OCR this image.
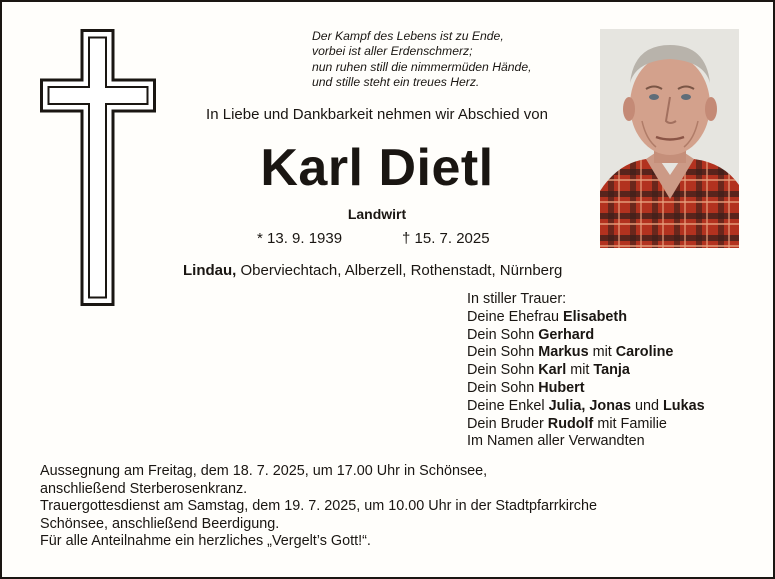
Der Kampf des Lebens ist zu Ende,
vorbei ist aller Erdenschmerz;
nun ruhen still die nimmermüden Hände,
und stille steht ein treues Herz.
In Liebe und Dankbarkeit nehmen wir Abschied von
Karl Dietl
Landwirt
* 13. 9. 1939	† 15. 7. 2025
Lindau, Oberviechtach, Alberzell, Rothenstadt, Nürnberg
In stiller Trauer:
Deine Ehefrau Elisabeth
Dein Sohn Gerhard
Dein Sohn Markus mit Caroline
Dein Sohn Karl mit Tanja
Dein Sohn Hubert
Deine Enkel Julia, Jonas und Lukas
Dein Bruder Rudolf mit Familie
Im Namen aller Verwandten
Aussegnung am Freitag, dem 18. 7. 2025, um 17.00 Uhr in Schönsee,
anschließend Sterberosenkranz.
Trauergottesdienst am Samstag, dem 19. 7. 2025, um 10.00 Uhr in der Stadtpfarrkirche
Schönsee, anschließend Beerdigung.
Für alle Anteilnahme ein herzliches „Vergelt’s Gott!“.
